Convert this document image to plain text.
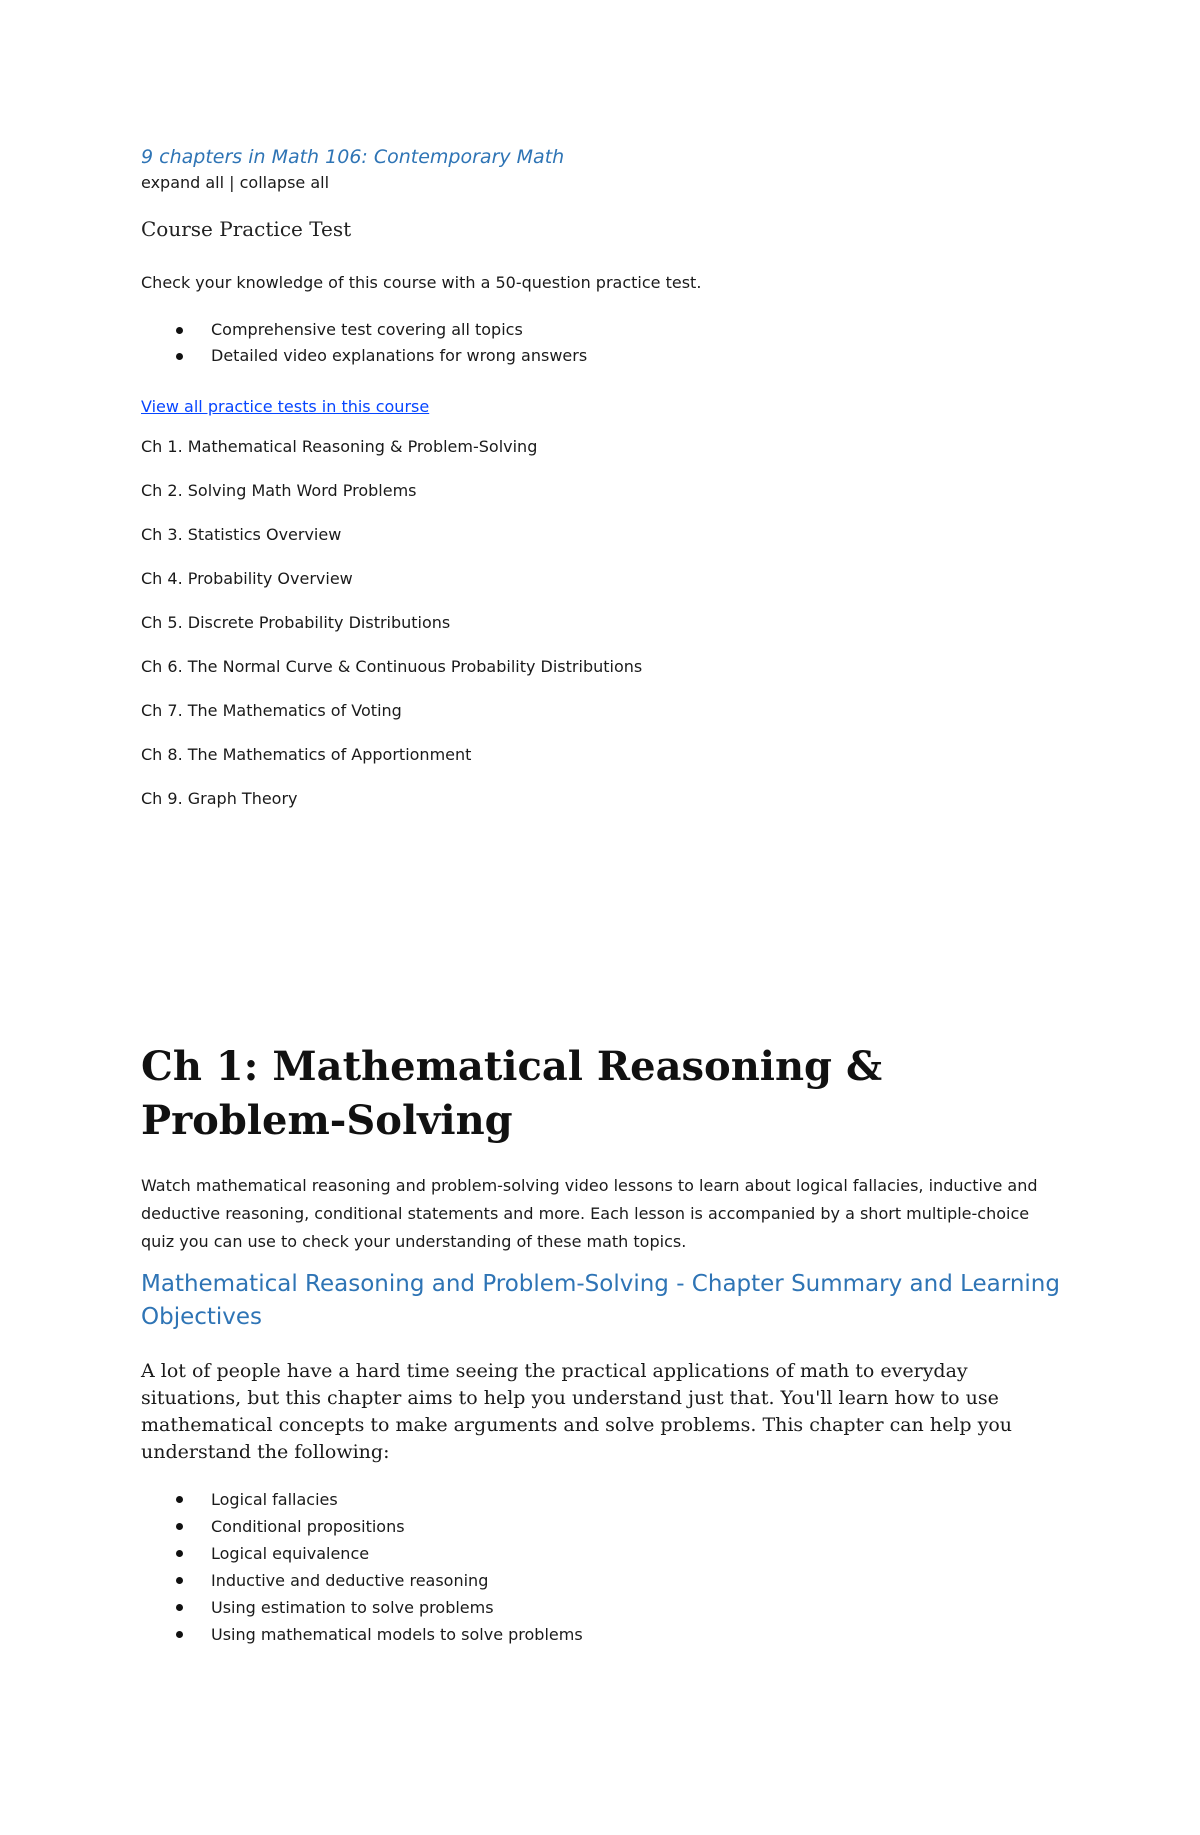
9 chapters in Math 106: Contemporary Math

expand all | collapse all

Course Practice Test

Check your knowledge of this course with a 50-question practice test.

Comprehensive test covering all topics
Detailed video explanations for wrong answers
View all practice tests in this course
Ch 1. Mathematical Reasoning & Problem-Solving
Ch 2. Solving Math Word Problems
Ch 3. Statistics Overview
Ch 4. Probability Overview
Ch 5. Discrete Probability Distributions
Ch 6. The Normal Curve & Continuous Probability Distributions
Ch 7. The Mathematics of Voting
Ch 8. The Mathematics of Apportionment
Ch 9. Graph Theory
Ch 1: Mathematical Reasoning & Problem-Solving

Watch mathematical reasoning and problem-solving video lessons to learn about logical fallacies, inductive and deductive reasoning, conditional statements and more. Each lesson is accompanied by a short multiple-choice quiz you can use to check your understanding of these math topics.

Mathematical Reasoning and Problem-Solving - Chapter Summary and Learning Objectives

A lot of people have a hard time seeing the practical applications of math to everyday situations, but this chapter aims to help you understand just that. You'll learn how to use mathematical concepts to make arguments and solve problems. This chapter can help you understand the following:

Logical fallacies
Conditional propositions
Logical equivalence
Inductive and deductive reasoning
Using estimation to solve problems
Using mathematical models to solve problems
